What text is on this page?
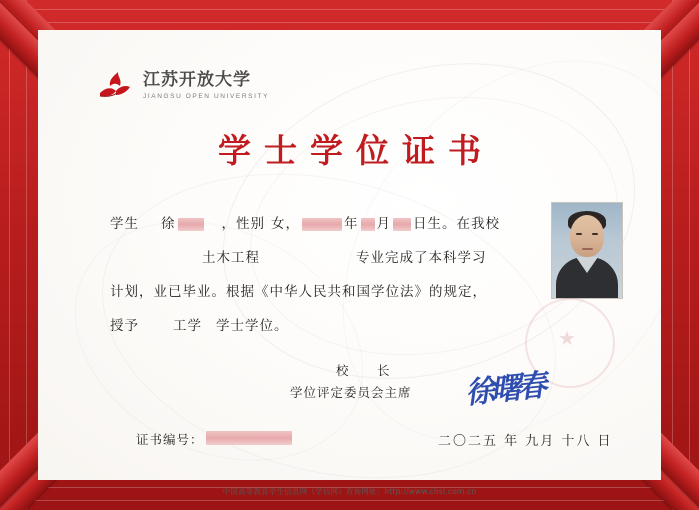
江苏开放大学
JIANGSU OPEN UNIVERSITY
学士学位证书
学生 徐	，性别 女 ，	年 月 日生。在我校
土木工程	专业完成了本科学习
计划，业已毕业。根据《中华人民共和国学位法》的规定，
授予	工学 学士学位。	★
校　长
学位评定委员会主席	徐曙春
证书编号：	二〇二五 年 九月 十八 日
中国高等教育学生信息网（学信网）查询网址：http://www.chsi.com.cn
